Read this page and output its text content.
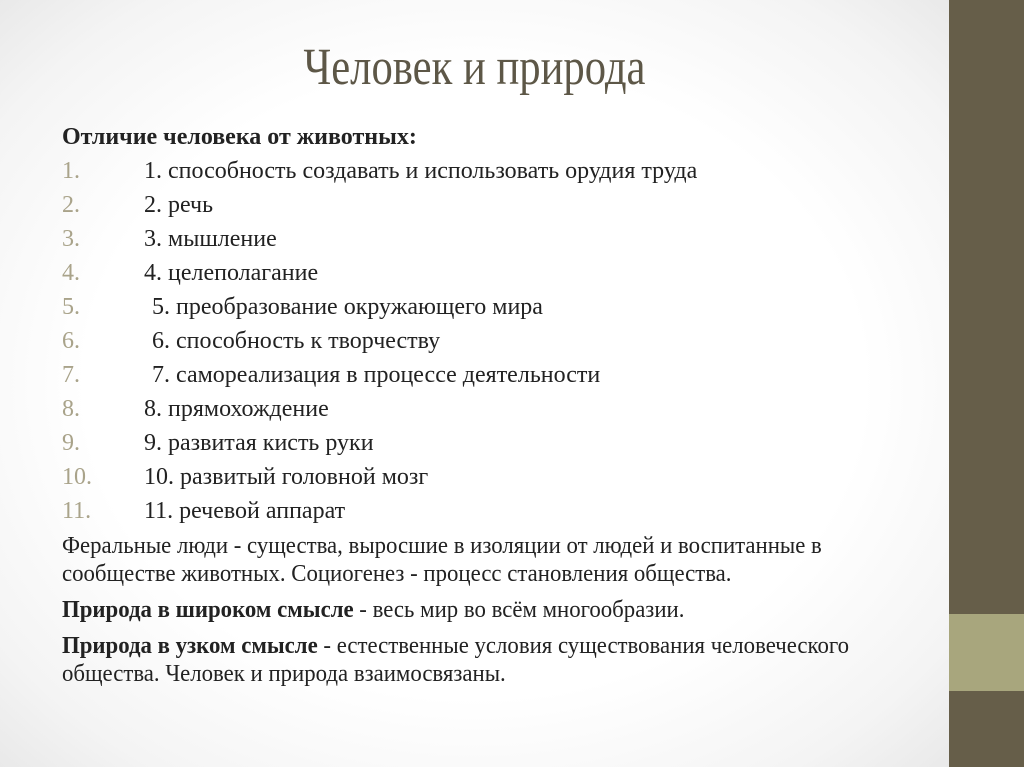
Человек и природа
Отличие человека от животных:
1.	1. способность создавать и использовать орудия труда
2.	2. речь
3.	3. мышление
4.	4. целеполагание
5.	5. преобразование окружающего мира
6.	6. способность к творчеству
7.	7. самореализация в процессе деятельности
8.	8. прямохождение
9.	9. развитая кисть руки
10.	10. развитый головной мозг
11.	11. речевой аппарат
Феральные люди - существа, выросшие в изоляции от людей и воспитанные в сообществе животных. Социогенез - процесс становления общества.
Природа в широком смысле - весь мир во всём многообразии.
Природа в узком смысле - естественные условия существования человеческого общества. Человек и природа взаимосвязаны.
